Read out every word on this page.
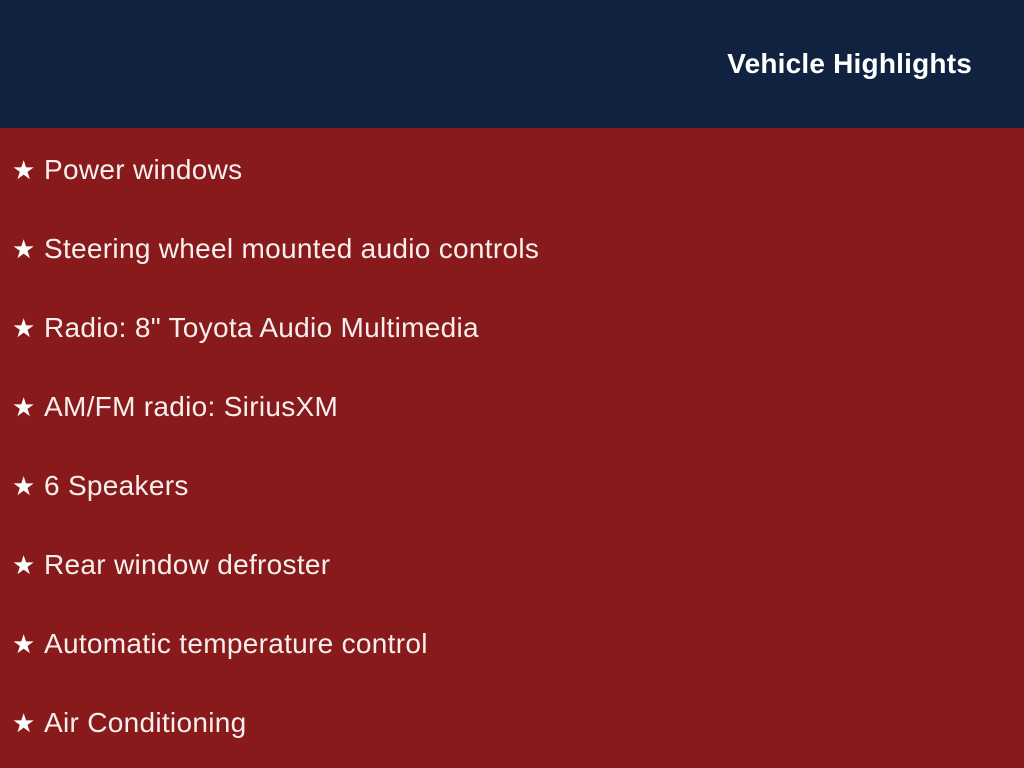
Vehicle Highlights
★ Power windows
★ Steering wheel mounted audio controls
★ Radio: 8" Toyota Audio Multimedia
★ AM/FM radio: SiriusXM
★ 6 Speakers
★ Rear window defroster
★ Automatic temperature control
★ Air Conditioning
